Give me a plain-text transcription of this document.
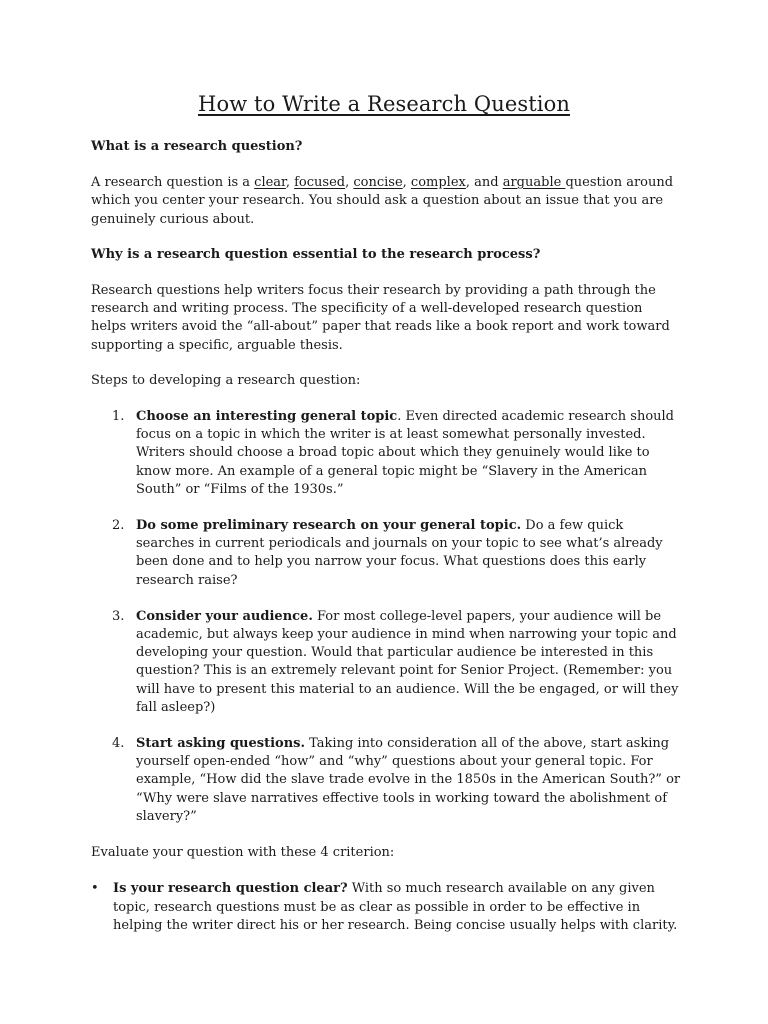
How to Write a Research Question

What is a research question?

A research question is a clear, focused, concise, complex, and arguable question around which you center your research. You should ask a question about an issue that you are genuinely curious about.

Why is a research question essential to the research process?

Research questions help writers focus their research by providing a path through the research and writing process. The specificity of a well-developed research question helps writers avoid the “all-about” paper that reads like a book report and work toward supporting a specific, arguable thesis.

Steps to developing a research question:

1. Choose an interesting general topic. Even directed academic research should focus on a topic in which the writer is at least somewhat personally invested. Writers should choose a broad topic about which they genuinely would like to know more. An example of a general topic might be “Slavery in the American South” or “Films of the 1930s.”
2. Do some preliminary research on your general topic. Do a few quick searches in current periodicals and journals on your topic to see what’s already been done and to help you narrow your focus. What questions does this early research raise?
3. Consider your audience. For most college-level papers, your audience will be academic, but always keep your audience in mind when narrowing your topic and developing your question. Would that particular audience be interested in this question? This is an extremely relevant point for Senior Project. (Remember: you will have to present this material to an audience. Will the be engaged, or will they fall asleep?)
4. Start asking questions. Taking into consideration all of the above, start asking yourself open-ended “how” and “why” questions about your general topic. For example, “How did the slave trade evolve in the 1850s in the American South?” or “Why were slave narratives effective tools in working toward the abolishment of slavery?”

Evaluate your question with these 4 criterion:

• Is your research question clear? With so much research available on any given topic, research questions must be as clear as possible in order to be effective in helping the writer direct his or her research. Being concise usually helps with clarity.
